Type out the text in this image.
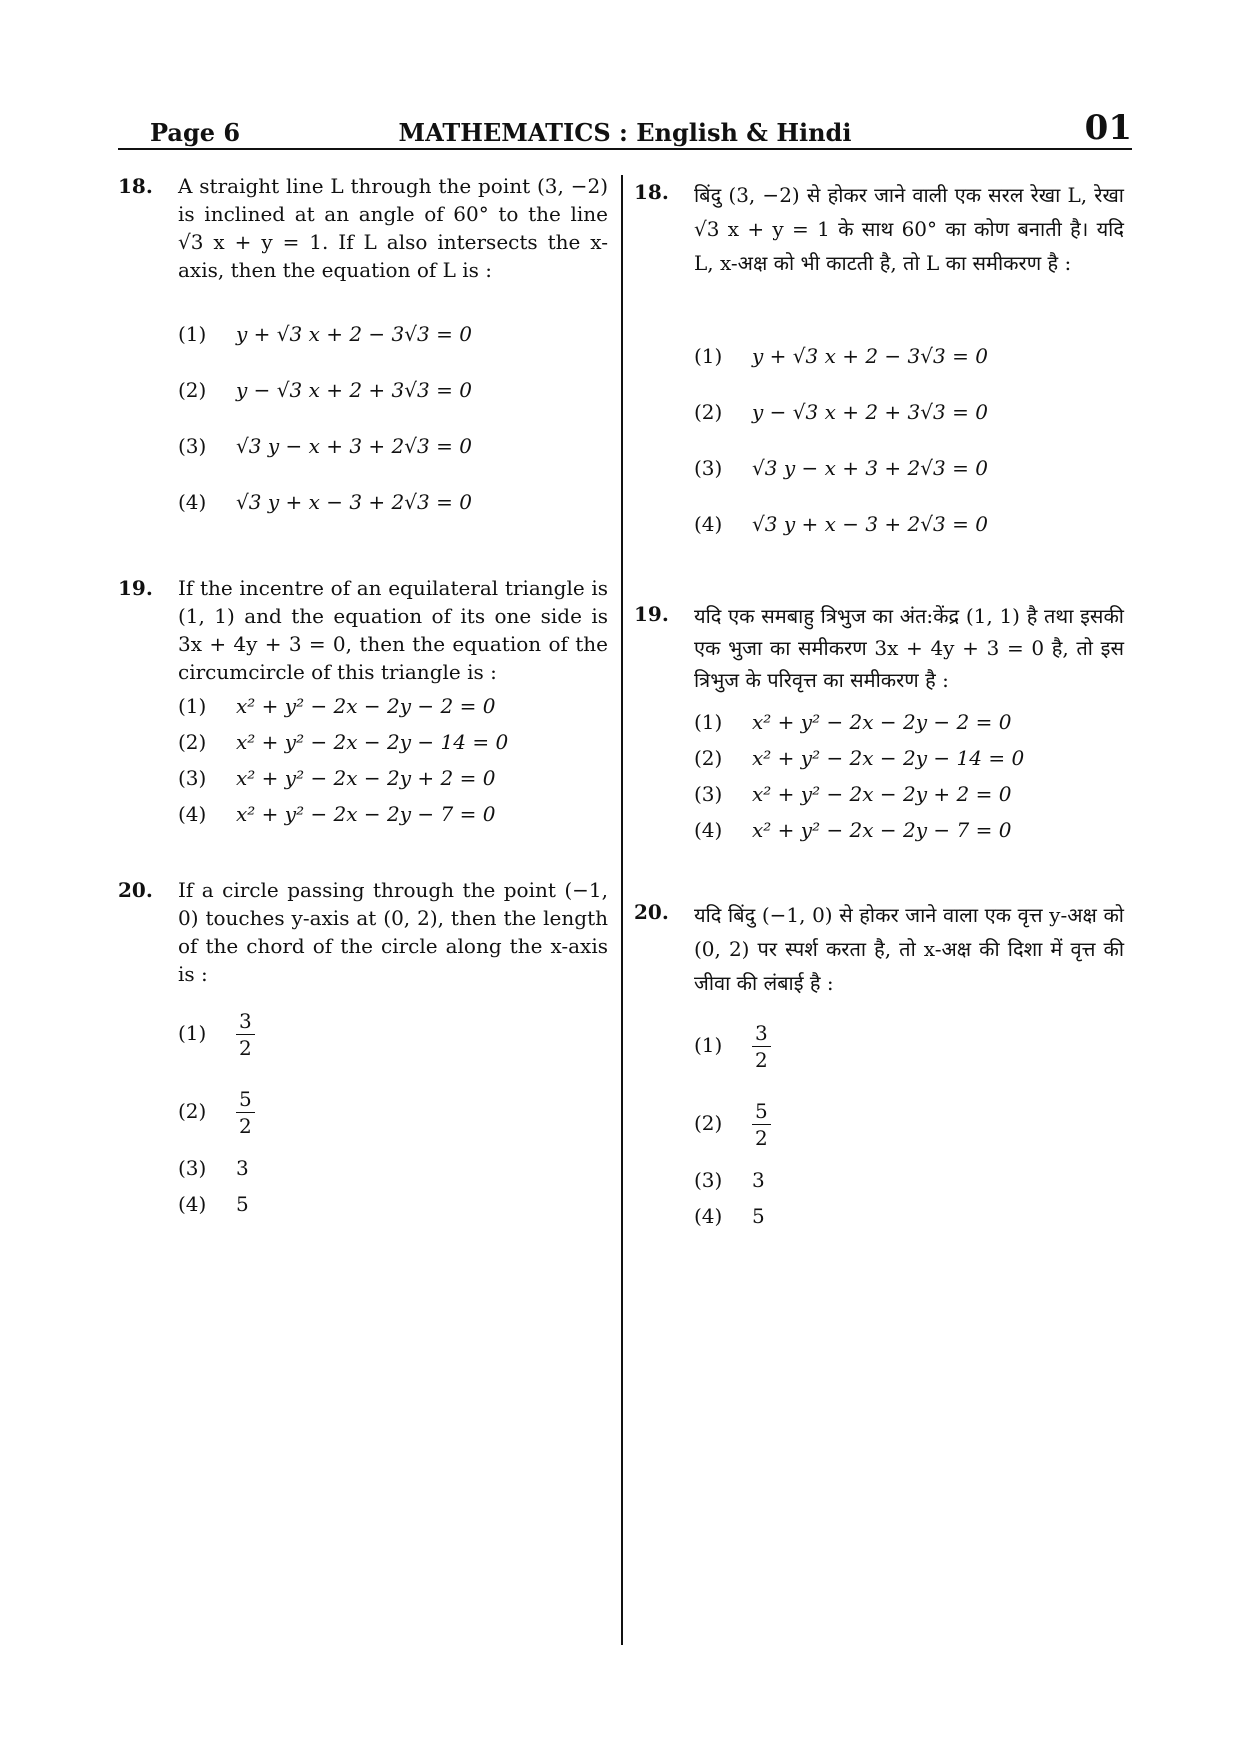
Page 6	MATHEMATICS : English & Hindi	01
18. A straight line L through the point (3, −2) is inclined at an angle of 60° to the line √3 x + y = 1. If L also intersects the x-axis, then the equation of L is :
(1) y + √3 x + 2 − 3√3 = 0
(2) y − √3 x + 2 + 3√3 = 0
(3) √3 y − x + 3 + 2√3 = 0
(4) √3 y + x − 3 + 2√3 = 0
19. If the incentre of an equilateral triangle is (1, 1) and the equation of its one side is 3x + 4y + 3 = 0, then the equation of the circumcircle of this triangle is :
(1) x² + y² − 2x − 2y − 2 = 0
(2) x² + y² − 2x − 2y − 14 = 0
(3) x² + y² − 2x − 2y + 2 = 0
(4) x² + y² − 2x − 2y − 7 = 0
20. If a circle passing through the point (−1, 0) touches y-axis at (0, 2), then the length of the chord of the circle along the x-axis is :
$(1) \frac{3}{2}$
$(2) \frac{5}{2}$
(3) 3
(4) 5
18. बिंदु (3, −2) से होकर जाने वाली एक सरल रेखा L, रेखा √3 x + y = 1 के साथ 60° का कोण बनाती है। यदि L, x-अक्ष को भी काटती है, तो L का समीकरण है :
(1) y + √3 x + 2 − 3√3 = 0
(2) y − √3 x + 2 + 3√3 = 0
(3) √3 y − x + 3 + 2√3 = 0
(4) √3 y + x − 3 + 2√3 = 0
19. यदि एक समबाहु त्रिभुज का अंत:केंद्र (1, 1) है तथा इसकी एक भुजा का समीकरण 3x + 4y + 3 = 0 है, तो इस त्रिभुज के परिवृत्त का समीकरण है :
(1) x² + y² − 2x − 2y − 2 = 0
(2) x² + y² − 2x − 2y − 14 = 0
(3) x² + y² − 2x − 2y + 2 = 0
(4) x² + y² − 2x − 2y − 7 = 0
20. यदि बिंदु (−1, 0) से होकर जाने वाला एक वृत्त y-अक्ष को (0, 2) पर स्पर्श करता है, तो x-अक्ष की दिशा में वृत्त की जीवा की लंबाई है :
$(1) \frac{3}{2}$
$(2) \frac{5}{2}$
(3) 3
(4) 5
